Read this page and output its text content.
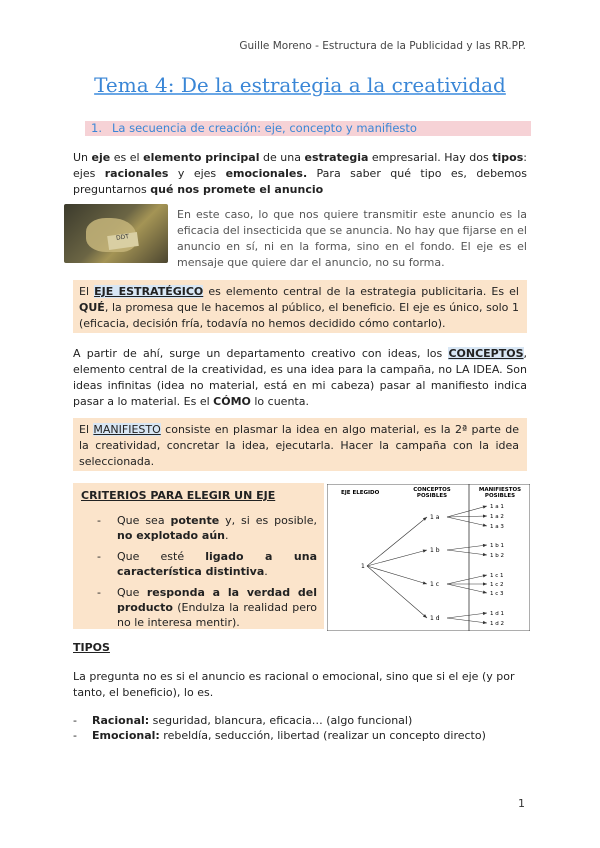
Guille Moreno - Estructura de la Publicidad y las RR.PP.
Tema 4: De la estrategia a la creatividad
1. La secuencia de creación: eje, concepto y manifiesto
Un eje es el elemento principal de una estrategia empresarial. Hay dos tipos: ejes racionales y ejes emocionales. Para saber qué tipo es, debemos preguntarnos qué nos promete el anuncio
DDT
En este caso, lo que nos quiere transmitir este anuncio es la eficacia del insecticida que se anuncia. No hay que fijarse en el anuncio en sí, ni en la forma, sino en el fondo. El eje es el mensaje que quiere dar el anuncio, no su forma.
El EJE ESTRATÉGICO es elemento central de la estrategia publicitaria. Es el QUÉ, la promesa que le hacemos al público, el beneficio. El eje es único, solo 1 (eficacia, decisión fría, todavía no hemos decidido cómo contarlo).
A partir de ahí, surge un departamento creativo con ideas, los CONCEPTOS, elemento central de la creatividad, es una idea para la campaña, no LA IDEA. Son ideas infinitas (idea no material, está en mi cabeza) pasar al manifiesto indica pasar a lo material. Es el CÓMO lo cuenta.
El MANIFIESTO consiste en plasmar la idea en algo material, es la 2ª parte de la creatividad, concretar la idea, ejecutarla. Hacer la campaña con la idea seleccionada.
CRITERIOS PARA ELEGIR UN EJE
- Que sea potente y, si es posible, no explotado aún.
- Que esté ligado a una característica distintiva.
- Que responda a la verdad del producto (Endulza la realidad pero no le interesa mentir).
EJE ELEGIDO	CONCEPTOS
POSIBLES
MANIFIESTOS
POSIBLES
1
1 a
1 b
1 c
1 d
1 a 1
1 a 2
1 a 3
1 b 1
1 b 2
1 c 1
1 c 2
1 c 3
1 d 1
1 d 2
TIPOS
La pregunta no es si el anuncio es racional o emocional, sino que si el eje (y por tanto, el beneficio), lo es.
- Racional: seguridad, blancura, eficacia… (algo funcional)
- Emocional: rebeldía, seducción, libertad (realizar un concepto directo)
1
